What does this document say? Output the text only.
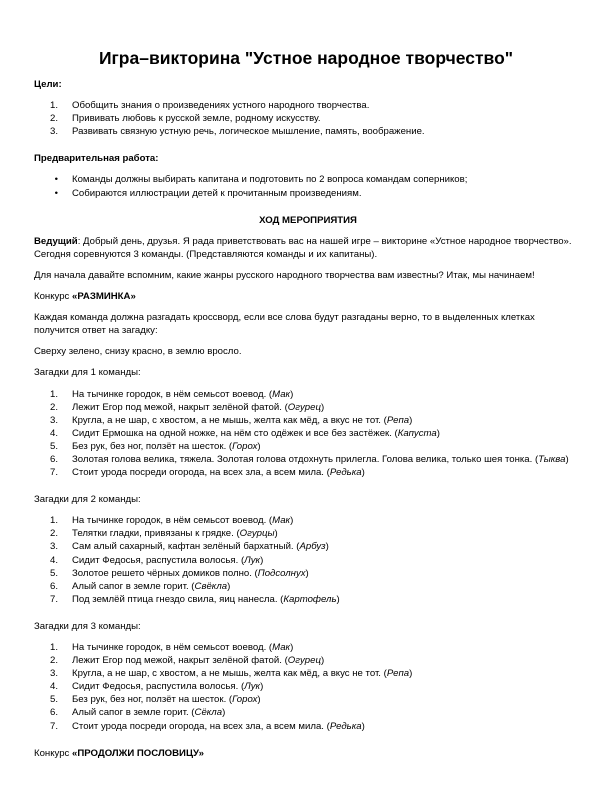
Игра–викторина "Устное народное творчество"

Цели:

1.	Обобщить знания о произведениях устного народного творчества.
2.	Прививать любовь к русской земле, родному искусству.
3.	Развивать связную устную речь, логическое мышление, память, воображение.

Предварительная работа:

•	Команды должны выбирать капитана и подготовить по 2 вопроса командам соперников;
•	Собираются иллюстрации детей к прочитанным произведениям.

ХОД МЕРОПРИЯТИЯ

Ведущий: Добрый день, друзья. Я рада приветствовать вас на нашей игре – викторине «Устное народное творчество». Сегодня соревнуются 3 команды. (Представляются команды и их капитаны).

Для начала давайте вспомним, какие жанры русского народного творчества вам известны? Итак, мы начинаем!

Конкурс «РАЗМИНКА»

Каждая команда должна разгадать кроссворд, если все слова будут разгаданы верно, то в выделенных клетках получится ответ на загадку:

Сверху зелено, снизу красно, в землю вросло.

Загадки для 1 команды:

1.	На тычинке городок, в нём семьсот воевод. (Мак)
2.	Лежит Егор под межой, накрыт зелёной фатой. (Огурец)
3.	Кругла, а не шар, с хвостом, а не мышь, желта как мёд, а вкус не тот. (Репа)
4.	Сидит Ермошка на одной ножке, на нём сто одёжек и все без застёжек. (Капуста)
5.	Без рук, без ног, ползёт на шесток. (Горох)
6.	Золотая голова велика, тяжела. Золотая голова отдохнуть прилегла. Голова велика, только шея тонка. (Тыква)
7.	Стоит урода посреди огорода, на всех зла, а всем мила. (Редька)

Загадки для 2 команды:

1.	На тычинке городок, в нём семьсот воевод. (Мак)
2.	Телятки гладки, привязаны к грядке. (Огурцы)
3.	Сам алый сахарный, кафтан зелёный бархатный. (Арбуз)
4.	Сидит Федосья, распустила волосья. (Лук)
5.	Золотое решето чёрных домиков полно. (Подсолнух)
6.	Алый сапог в земле горит. (Свёкла)
7.	Под землёй птица гнездо свила, яиц нанесла. (Картофель)

Загадки для 3 команды:

1.	На тычинке городок, в нём семьсот воевод. (Мак)
2.	Лежит Егор под межой, накрыт зелёной фатой. (Огурец)
3.	Кругла, а не шар, с хвостом, а не мышь, желта как мёд, а вкус не тот. (Репа)
4.	Сидит Федосья, распустила волосья. (Лук)
5.	Без рук, без ног, ползёт на шесток. (Горох)
6.	Алый сапог в земле горит. (Сёкла)
7.	Стоит урода посреди огорода, на всех зла, а всем мила. (Редька)

Конкурс «ПРОДОЛЖИ ПОСЛОВИЦУ»
